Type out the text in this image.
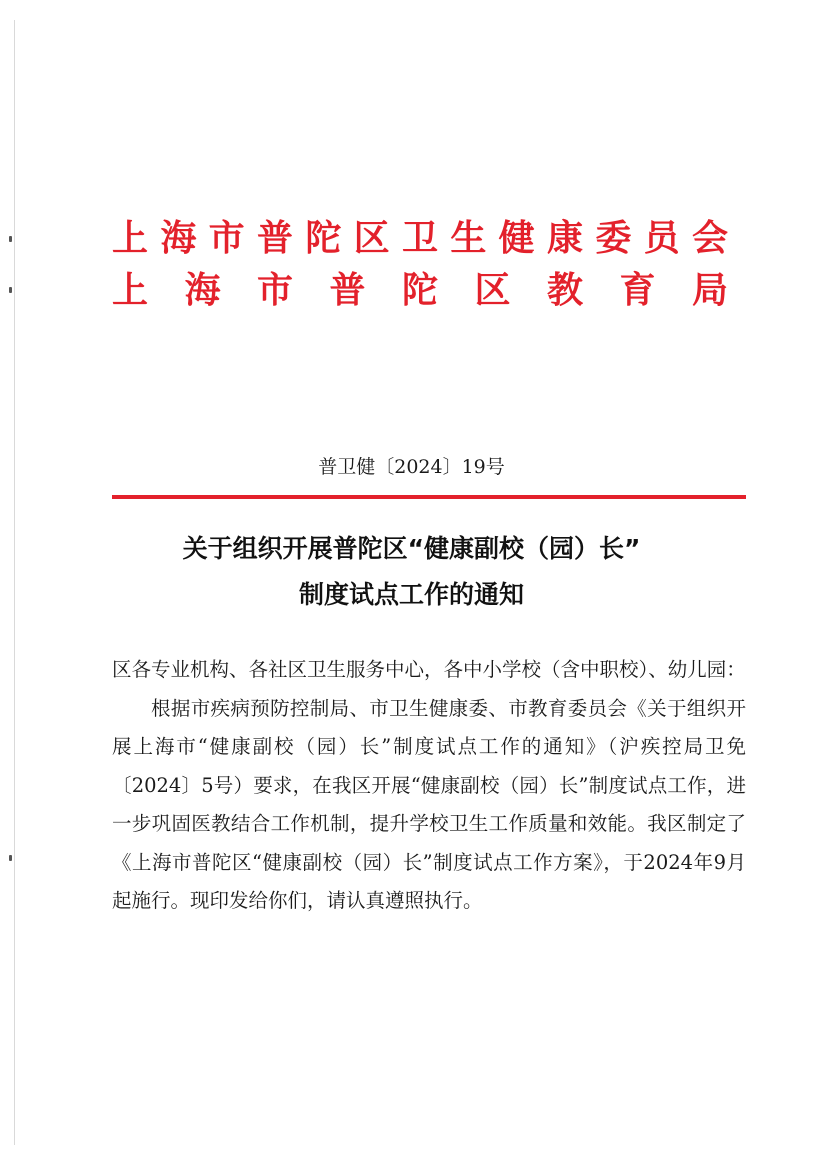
上海市普陀区卫生健康委员会
上海市普陀区教育局
普卫健〔2024〕19号
关于组织开展普陀区“健康副校（园）长”
制度试点工作的通知

区各专业机构、各社区卫生服务中心，各中小学校（含中职校）、幼儿园：

根据市疾病预防控制局、市卫生健康委、市教育委员会《关于组织开展上海市“健康副校（园）长”制度试点工作的通知》（沪疾控局卫免〔2024〕5号）要求，在我区开展“健康副校（园）长”制度试点工作，进一步巩固医教结合工作机制，提升学校卫生工作质量和效能。我区制定了《上海市普陀区“健康副校（园）长”制度试点工作方案》，于2024年9月起施行。现印发给你们，请认真遵照执行。
